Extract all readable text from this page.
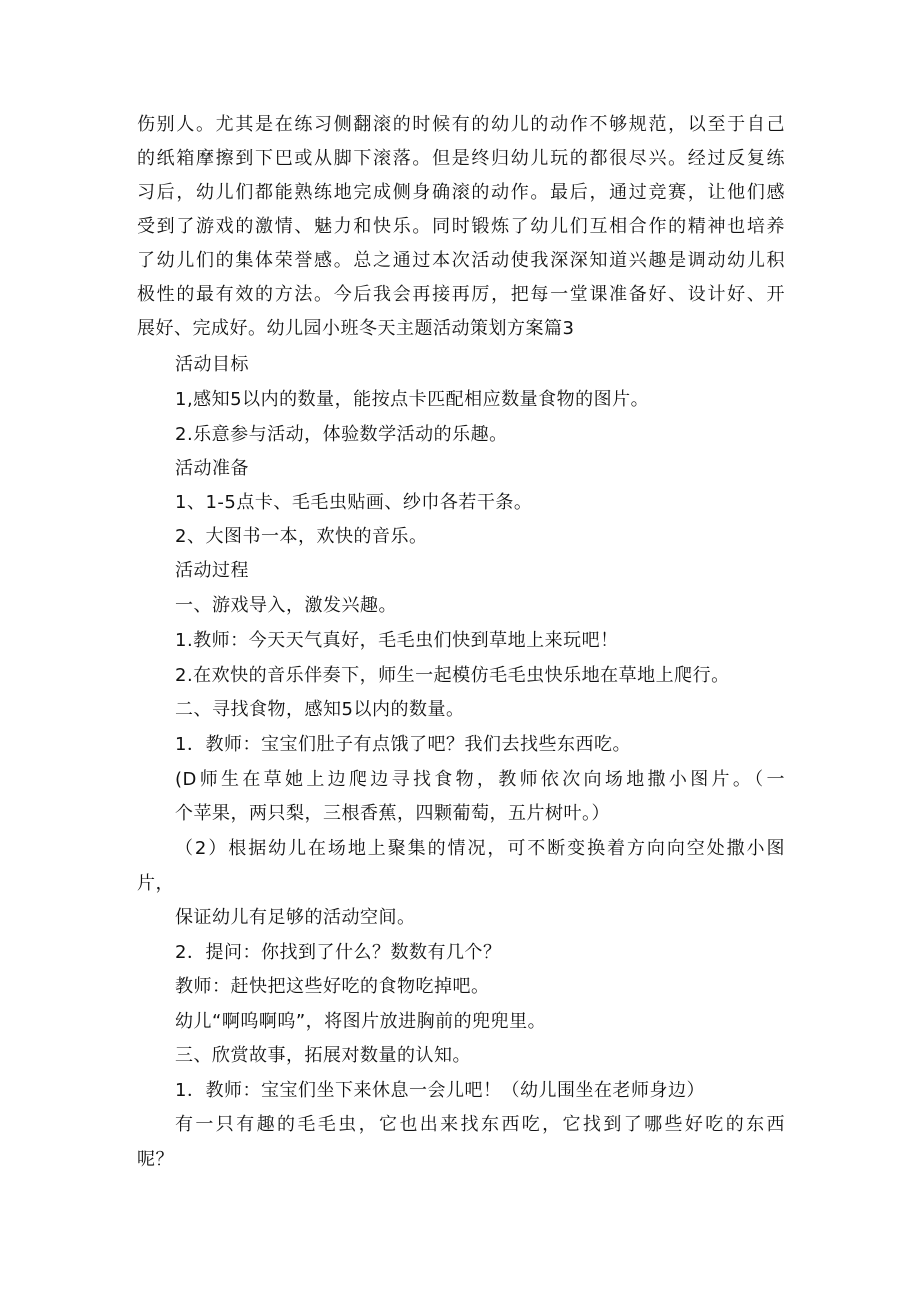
伤别人。尤其是在练习侧翻滚的时候有的幼儿的动作不够规范，以至于自己
的纸箱摩擦到下巴或从脚下滚落。但是终归幼儿玩的都很尽兴。经过反复练
习后，幼儿们都能熟练地完成侧身确滚的动作。最后，通过竞赛，让他们感
受到了游戏的激情、魅力和快乐。同时锻炼了幼儿们互相合作的精神也培养
了幼儿们的集体荣誉感。总之通过本次活动使我深深知道兴趣是调动幼儿积
极性的最有效的方法。今后我会再接再厉，把每一堂课准备好、设计好、开
展好、完成好。幼儿园小班冬天主题活动策划方案篇3
活动目标
1,感知5以内的数量，能按点卡匹配相应数量食物的图片。
2.乐意参与活动，体验数学活动的乐趣。
活动准备
1、1-5点卡、毛毛虫贴画、纱巾各若干条。
2、大图书一本，欢快的音乐。
活动过程
一、游戏导入，激发兴趣。
1.教师：今天天气真好，毛毛虫们快到草地上来玩吧！
2.在欢快的音乐伴奏下，师生一起模仿毛毛虫快乐地在草地上爬行。
二、寻找食物，感知5以内的数量。
1．教师：宝宝们肚子有点饿了吧？我们去找些东西吃。
(D师生在草她上边爬边寻找食物，教师依次向场地撒小图片。（一
个苹果，两只梨，三根香蕉，四颗葡萄，五片树叶。）
（2）根据幼儿在场地上聚集的情况，可不断变换着方向向空处撒小图
片，
保证幼儿有足够的活动空间。
2．提问：你找到了什么？数数有几个？
教师：赶快把这些好吃的食物吃掉吧。
幼儿“啊呜啊呜”，将图片放进胸前的兜兜里。
三、欣赏故事，拓展对数量的认知。
1．教师：宝宝们坐下来休息一会儿吧！（幼儿围坐在老师身边）
有一只有趣的毛毛虫，它也出来找东西吃，它找到了哪些好吃的东西
呢？
